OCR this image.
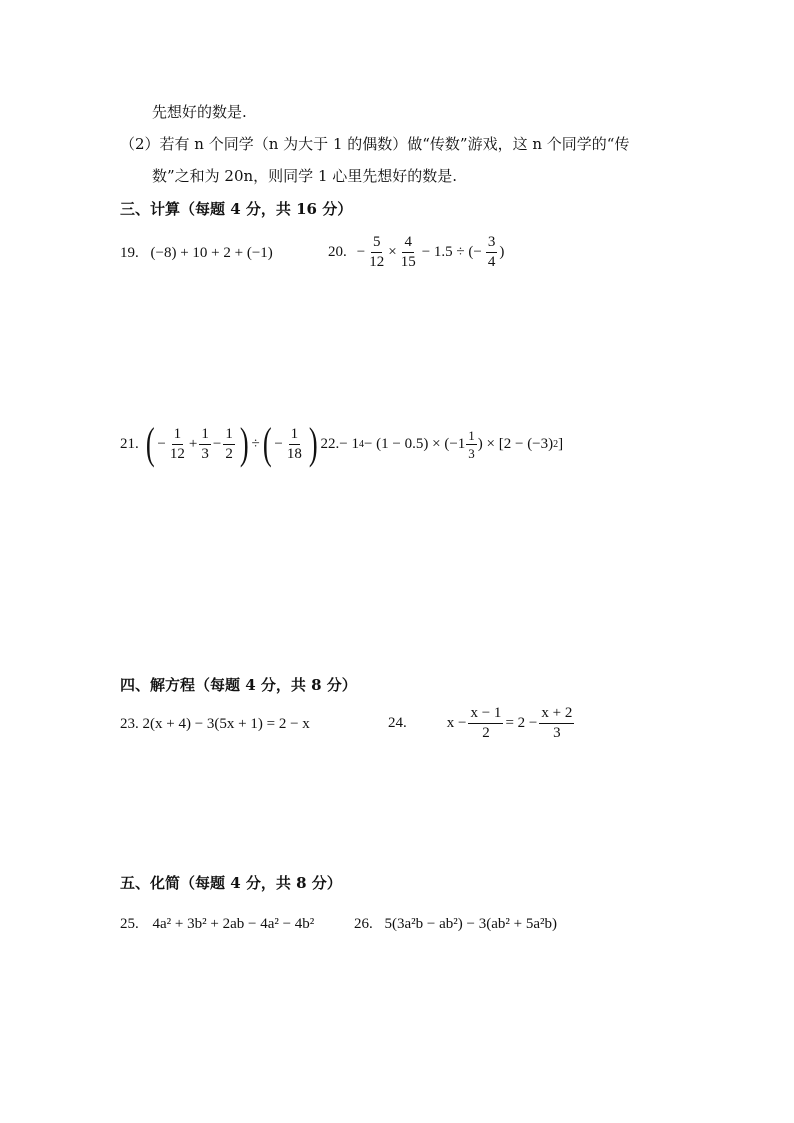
先想好的数是.
（2）若有 n 个同学（n 为大于 1 的偶数）做“传数”游戏，这 n 个同学的“传
数”之和为 20n，则同学 1 心里先想好的数是.
三、计算（每题 4 分，共 16 分）
19. (−8) + 10 + 2 + (−1)	20. − $\frac{5}{12} \times \frac{4}{15} - 1.5$ ÷ (− $\frac{3}{4}$ )
21. ( − $\frac{1}{12} + \frac{1}{3} - \frac{1}{2}$ ) ÷ ( − $\frac{1}{18}$ ) 22. − 1 $4 - (1 - 0.5) \times (-1 \frac{1}{3}$ ) × [2 − (−3) 2 ]
四、解方程（每题 4 分，共 8 分）
23. 2(x + 4) − 3(5x + 1) = 2 − x	24.	$x - \frac{x - 1}{2} = 2 - \frac{x + 2}{3}$
五、化简（每题 4 分，共 8 分）
25. 4a² + 3b² + 2ab − 4a² − 4b²	26. 5(3a²b − ab²) − 3(ab² + 5a²b)
